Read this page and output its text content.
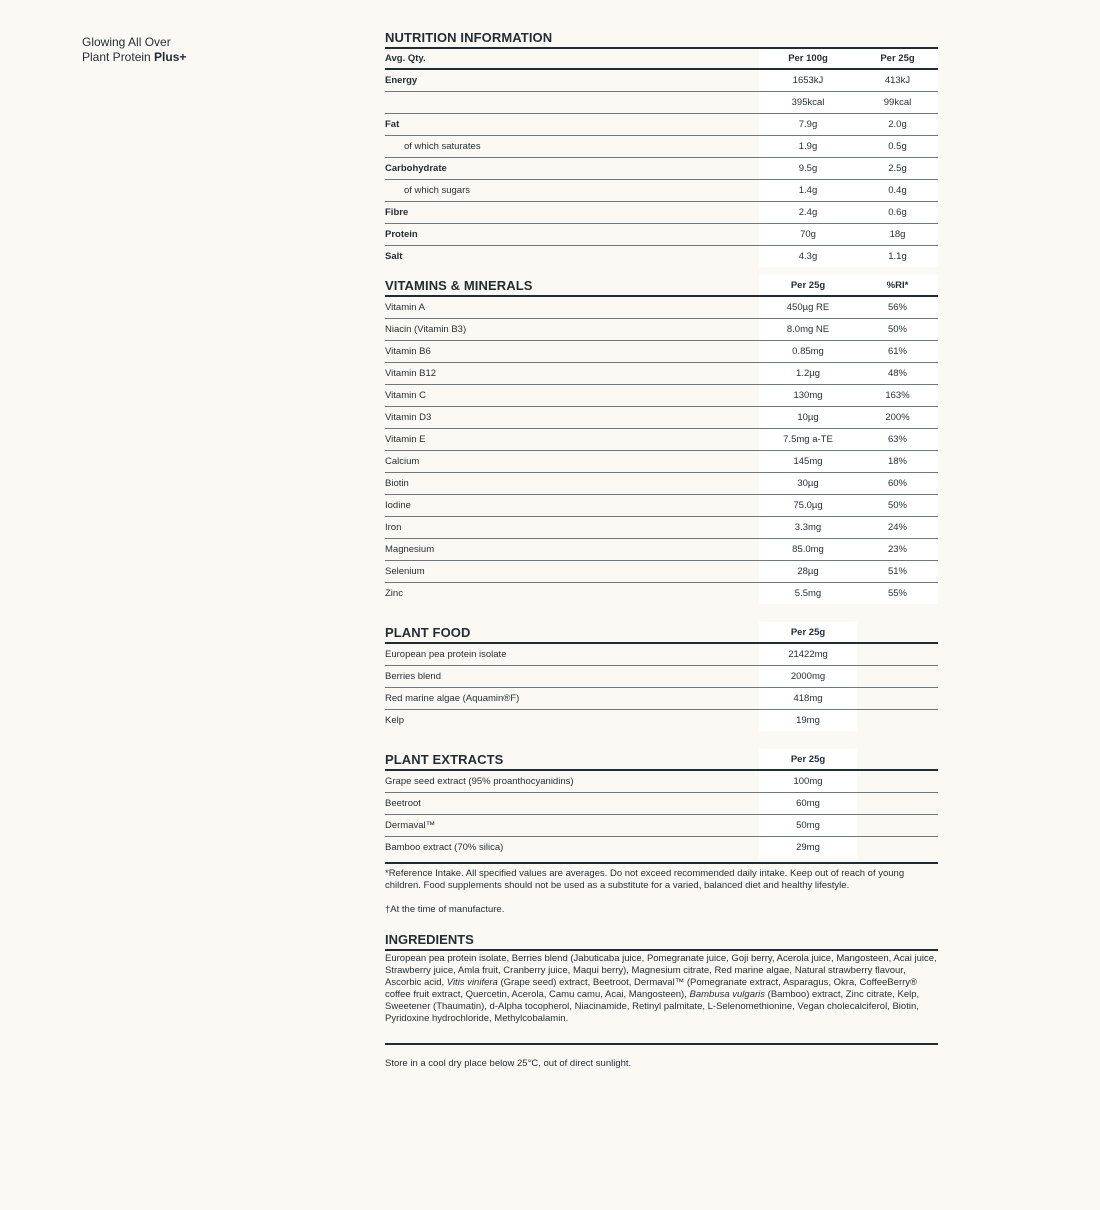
Glowing All Over
Plant Protein Plus+
NUTRITION INFORMATION
Avg. Qty.	Per 100g	Per 25g
Energy	1653kJ	413kJ
395kcal	99kcal
Fat	7.9g	2.0g
of which saturates	1.9g	0.5g
Carbohydrate	9.5g	2.5g
of which sugars	1.4g	0.4g
Fibre	2.4g	0.6g
Protein	70g	18g
Salt	4.3g	1.1g
VITAMINS & MINERALS	Per 25g	%RI*
Vitamin A	450µg RE	56%
Niacin (Vitamin B3)	8.0mg NE	50%
Vitamin B6	0.85mg	61%
Vitamin B12	1.2µg	48%
Vitamin C	130mg	163%
Vitamin D3	10µg	200%
Vitamin E	7.5mg a-TE	63%
Calcium	145mg	18%
Biotin	30µg	60%
Iodine	75.0µg	50%
Iron	3.3mg	24%
Magnesium	85.0mg	23%
Selenium	28µg	51%
Zinc	5.5mg	55%
PLANT FOOD	Per 25g
European pea protein isolate	21422mg
Berries blend	2000mg
Red marine algae (Aquamin®F)	418mg
Kelp	19mg
PLANT EXTRACTS	Per 25g
Grape seed extract (95% proanthocyanidins)	100mg
Beetroot	60mg
Dermaval™	50mg
Bamboo extract (70% silica)	29mg

*Reference Intake. All specified values are averages. Do not exceed recommended daily intake. Keep out of reach of young children. Food supplements should not be used as a substitute for a varied, balanced diet and healthy lifestyle.

†At the time of manufacture.

INGREDIENTS
European pea protein isolate, Berries blend (Jabuticaba juice, Pomegranate juice, Goji berry, Acerola juice, Mangosteen, Acai juice, Strawberry juice, Amla fruit, Cranberry juice, Maqui berry), Magnesium citrate, Red marine algae, Natural strawberry flavour, Ascorbic acid, Vitis vinifera (Grape seed) extract, Beetroot, Dermaval™ (Pomegranate extract, Asparagus, Okra, CoffeeBerry® coffee fruit extract, Quercetin, Acerola, Camu camu, Acai, Mangosteen), Bambusa vulgaris (Bamboo) extract, Zinc citrate, Kelp, Sweetener (Thaumatin), d-Alpha tocopherol, Niacinamide, Retinyl palmitate, L-Selenomethionine, Vegan cholecalciferol, Biotin, Pyridoxine hydrochloride, Methylcobalamin.
Store in a cool dry place below 25°C, out of direct sunlight.
